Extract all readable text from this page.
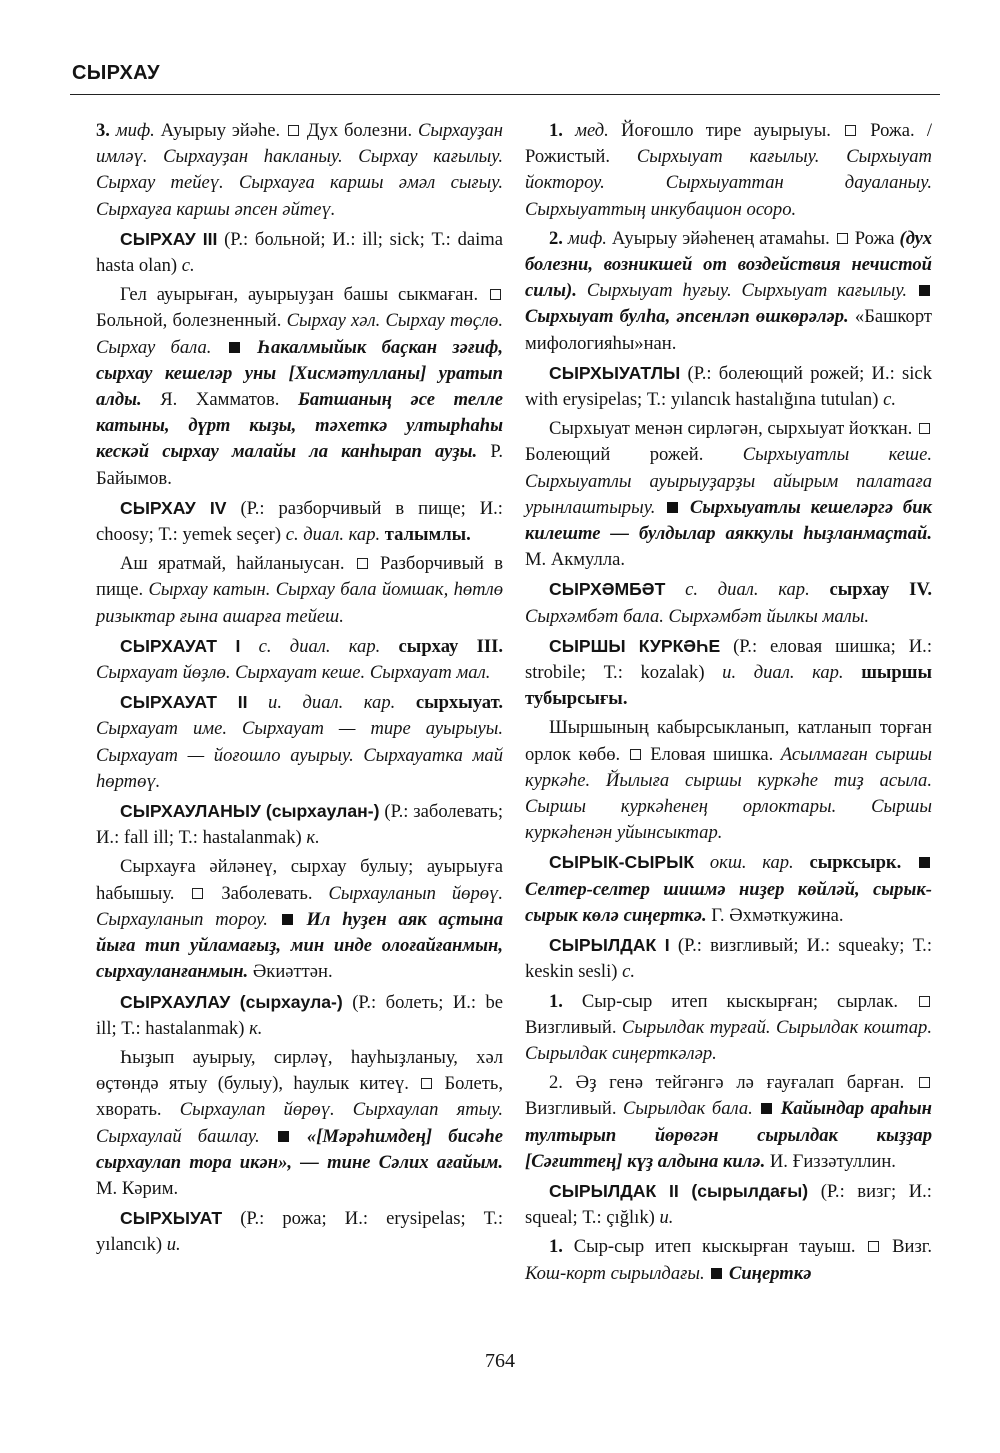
СЫРХАУ

3. миф. Ауырыу эйәһе. Дух болезни. Сырхауҙан имләү. Сырхауҙан һакланыу. Сырхау кағылыу. Сырхау тейеү. Сырхауға каршы әмәл сығыу. Сырхауға каршы әпсен әйтеү.

СЫРХАУ III (Р.: больной; И.: ill; sick; Т.: daima hasta olan) с.

Гел ауырыған, ауырыуҙан башы сыкмаған.  Больной, болезненный. Сырхау хәл. Сырхау төҫлө. Сырхау бала. Һакалмыйык баҫкан зәғиф, сырхау кешеләр уны [Хисмәтулланы] уратып алды. Я. Хамматов. Батшаның әсе телле катыны, дүрт кыҙы, тәхеткә ултырһаһы кескәй сырхау малайы ла канһырап ауҙы. Р. Байымов.

СЫРХАУ IV (Р.: разборчивый в пище; И.: choosy; Т.: yemek seçer) с. диал. кар. талымлы.

Аш яратмай, һайланыусан. Разборчивый в пище. Сырхау катын. Сырхау бала йомшак, һөтлө ризыктар ғына ашарға тейеш.

СЫРХАУАТ I с. диал. кар. сырхау III. Сырхауат йөҙлө. Сырхауат кеше. Сырхауат мал.

СЫРХАУАТ II и. диал. кар. сырхыуат. Сырхауат име. Сырхауат — тире ауырыуы. Сырхауат — йоғошло ауырыу. Сырхауатка май һөртөү.

СЫРХАУЛАНЫУ (сырхаулан-) (Р.: заболевать; И.: fall ill; Т.: hastalanmak) к.

Сырхауға әйләнеү, сырхау булыу; ауырыуға һабышыу.	Заболевать. Сырхауланып йөрөү. Сырхауланып тороу. Ил һуҙен аяк аҫтына йыға тип уйламағыҙ, мин инде олоғайғанмын, сырхауланғанмын. Әкиәттән.

СЫРХАУЛАУ (сырхаула-) (Р.: болеть; И.: be ill; Т.: hastalanmak) к.

Һыҙып ауырыу, сирләү, һауһыҙланыу, хәл өҫтөндә ятыу (булыу), һаулык китеү. Болеть, хворать. Сырхаулап йөрөү. Сырхаулап ятыу. Сырхаулай башлау.	«[Мәрәһимдең] бисәһе сырхаулап тора икән», — тине Сәлих ағайым. М. Кәрим.

СЫРХЫУАТ (Р.: рожа; И.: erysipelas; Т.: yılancık) и.

1. мед. Йоғошло тире ауырыуы. Рожа. / Рожистый. Сырхыуат кағылыу. Сырхыуат йоктороу. Сырхыуаттан дауаланыу. Сырхыуаттың инкубацион осоро.

2. миф. Ауырыу эйәһенең атамаһы. Рожа (дух болезни, возникшей от воздействия нечистой силы). Сырхыуат һуғыу. Сырхыуат кағылыу.  Сырхыуат булһа, әпсенләп өшкөрәләр. «Башкорт мифологияһы»нан.

СЫРХЫУАТЛЫ (Р.: болеющий рожей; И.: sick with erysipelas; Т.: yılancık hastalığına tutulan) с.

Сырхыуат менән сирләгән, сырхыуат йоҡҡан.  Болеющий рожей. Сырхыуатлы кеше. Сырхыуатлы ауырыуҙарҙы айырым палатаға урынлаштырыу. Сырхыуатлы кешеләргә бик килеште — булдылар аяккулы һыҙланмаҫтай. М. Акмулла.

СЫРХӘМБӘТ с. диал. кар. сырхау IV. Сырхәмбәт бала. Сырхәмбәт йылкы малы.

СЫРШЫ КУРКӘҺЕ (Р.: еловая шишка; И.: strobile; Т.: kozalak) и. диал. кар. шыршы тубырсығы.

Шыршының кабырсыкланып, катланып торған орлок көбө. Еловая шишка. Асылмаған сыршы куркәһе. Йылыға сыршы куркәһе тиҙ асыла. Сыршы куркәһенең орлоктары. Сыршы куркәһенән уйынсыктар.

СЫРЫК-СЫРЫК окш. кар. сырксырк.  Селтер-селтер шишмә ниҙер көйләй, сырык-сырык көлә сиңерткә. Г. Әхмәткужина.

СЫРЫЛДАК I (Р.: визгливый; И.: squeaky; Т.: keskin sesli) с.

1. Сыр-сыр итеп кыскырған; сырлак.  Визгливый. Сырылдак турғай. Сырылдак коштар. Сырылдак сиңерткәләр.

2. Әҙ генә тейгәнгә лә ғауғалап барған.  Визгливый. Сырылдак бала. Кайындар араһын тултырып йөрөгән сырылдак кыҙҙар [Сәғиттең] күҙ алдына килә. И. Ғиззәтуллин.

СЫРЫЛДАК II (сырылдағы) (Р.: визг; И.: squeal; Т.: çığlık) и.

1. Сыр-сыр итеп кыскырған тауыш. Визг. Кош-корт сырылдағы. Сиңерткә

764
